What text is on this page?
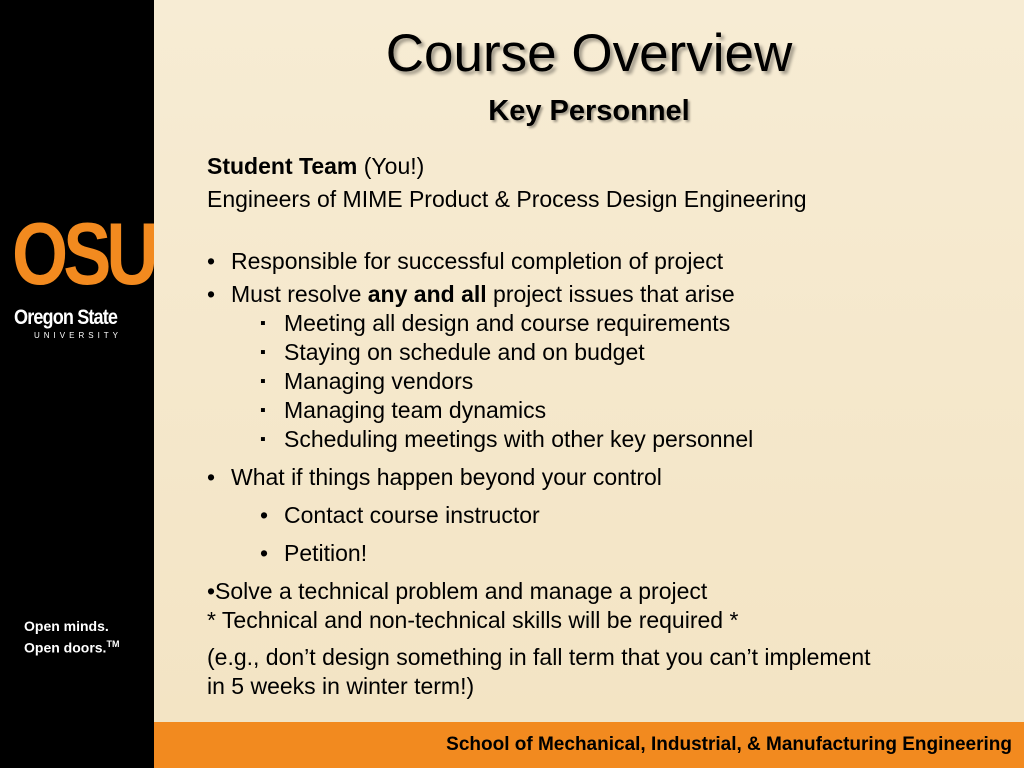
OSU
Oregon State
UNIVERSITY
Open minds.
Open doors.™
Course Overview
Key Personnel
Student Team (You!)
Engineers of MIME Product & Process Design Engineering
• Responsible for successful completion of project
• Must resolve any and all project issues that arise
▪ Meeting all design and course requirements
▪ Staying on schedule and on budget
▪ Managing vendors
▪ Managing team dynamics
▪ Scheduling meetings with other key personnel
• What if things happen beyond your control
• Contact course instructor
• Petition!
•Solve a technical problem and manage a project
* Technical and non-technical skills will be required *
(e.g., don’t design something in fall term that you can’t implement
in 5 weeks in winter term!)
School of Mechanical, Industrial, & Manufacturing Engineering
